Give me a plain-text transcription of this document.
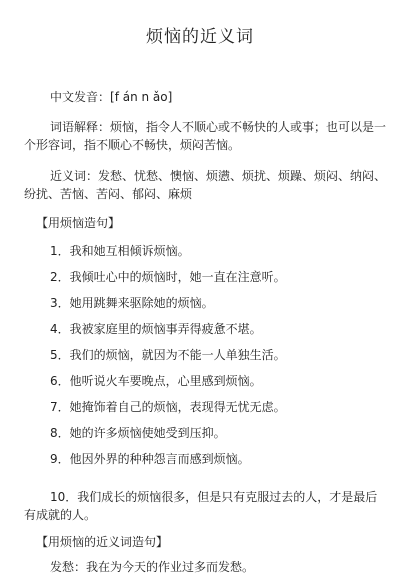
烦恼的近义词
中文发音：[f án n ǎo]
词语解释：烦恼，指令人不顺心或不畅快的人或事；也可以是一
个形容词，指不顺心不畅快，烦闷苦恼。
近义词：发愁、忧愁、懊恼、烦懑、烦扰、烦躁、烦闷、纳闷、
纷扰、苦恼、苦闷、郁闷、麻烦
【用烦恼造句】
1．我和她互相倾诉烦恼。
2．我倾吐心中的烦恼时，她一直在注意听。
3．她用跳舞来驱除她的烦恼。
4．我被家庭里的烦恼事弄得疲惫不堪。
5．我们的烦恼，就因为不能一人单独生活。
6．他听说火车要晚点，心里感到烦恼。
7．她掩饰着自己的烦恼，表现得无忧无虑。
8．她的许多烦恼使她受到压抑。
9．他因外界的种种怨言而感到烦恼。
10．我们成长的烦恼很多，但是只有克服过去的人，才是最后
有成就的人。
【用烦恼的近义词造句】
发愁：我在为今天的作业过多而发愁。
